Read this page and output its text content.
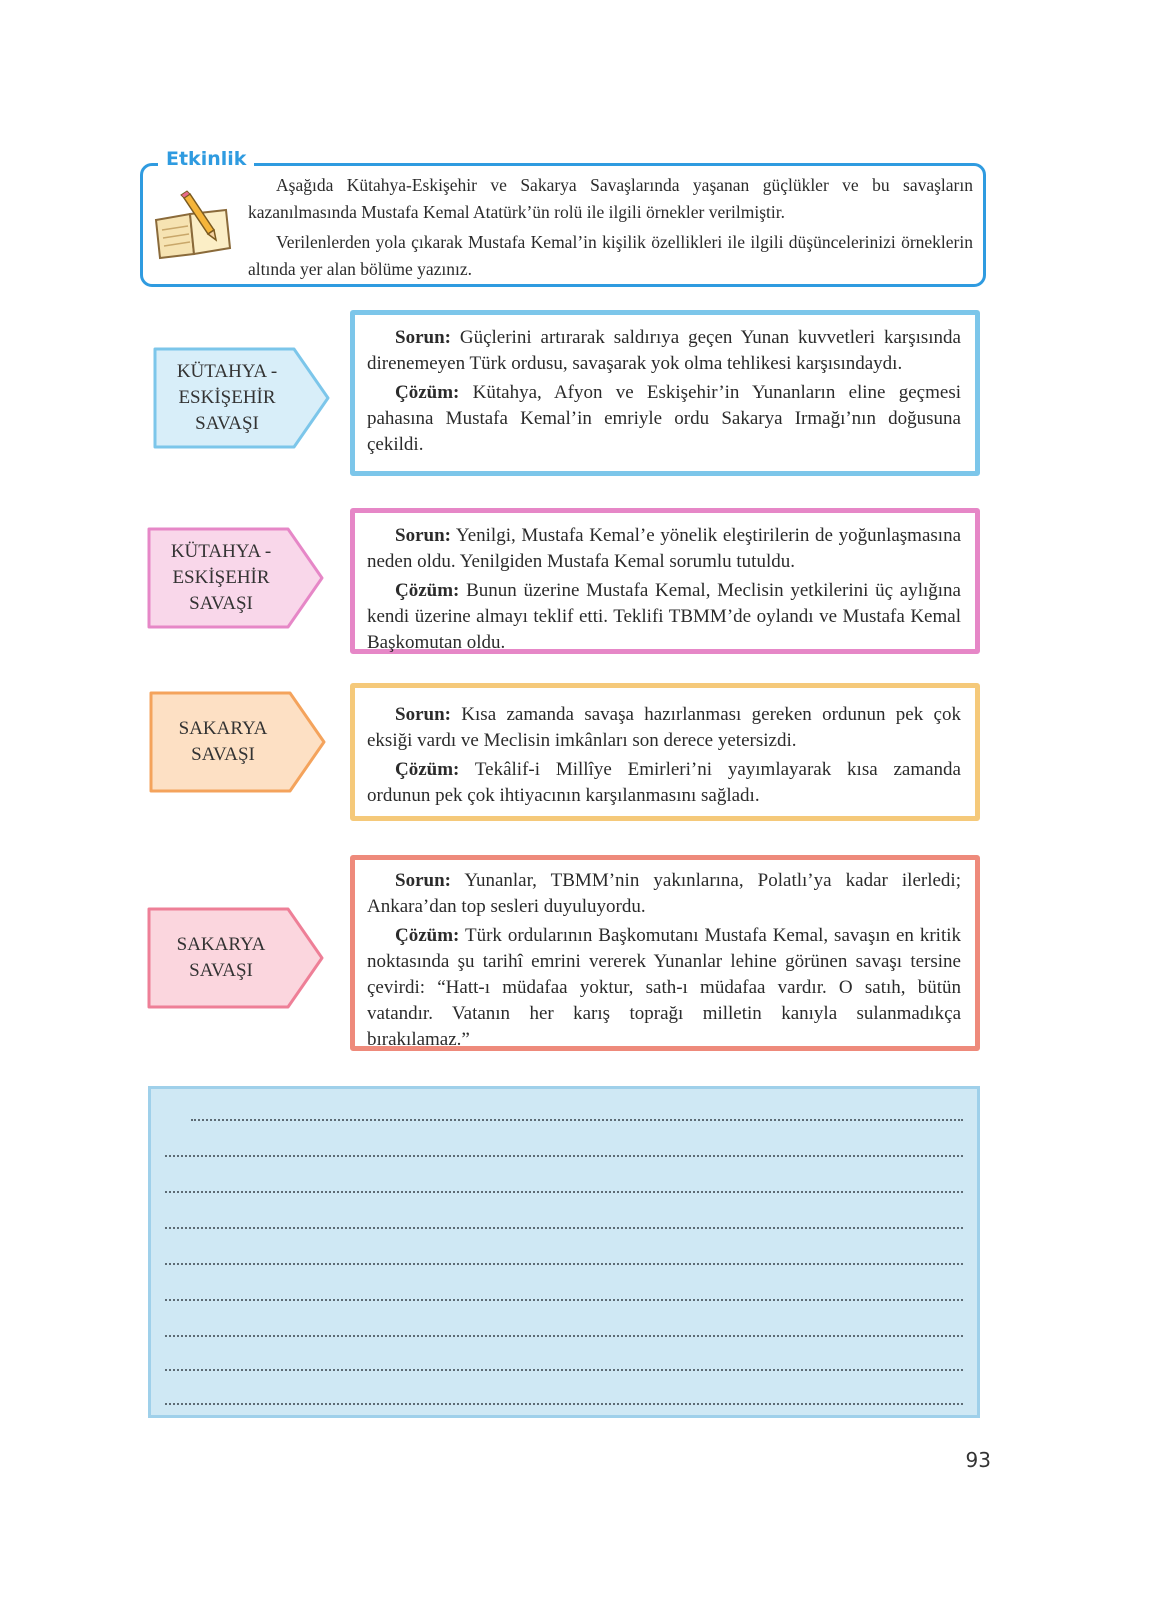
Etkinlik

Aşağıda Kütahya-Eskişehir ve Sakarya Savaşlarında yaşanan güçlükler ve bu savaşların kazanılmasında Mustafa Kemal Atatürk’ün rolü ile ilgili örnekler verilmiştir.

Verilenlerden yola çıkarak Mustafa Kemal’in kişilik özellikleri ile ilgili düşüncelerinizi örneklerin altında yer alan bölüme yazınız.

KÜTAHYA - ESKİŞEHİR SAVAŞI

Sorun: Güçlerini artırarak saldırıya geçen Yunan kuvvetleri karşısında direnemeyen Türk ordusu, savaşarak yok olma tehlikesi karşısındaydı.

Çözüm: Kütahya, Afyon ve Eskişehir’in Yunanların eline geçmesi pahasına Mustafa Kemal’in emriyle ordu Sakarya Irmağı’nın doğusuna çekildi.

KÜTAHYA - ESKİŞEHİR SAVAŞI

Sorun: Yenilgi, Mustafa Kemal’e yönelik eleştirilerin de yoğunlaşmasına neden oldu. Yenilgiden Mustafa Kemal sorumlu tutuldu.

Çözüm: Bunun üzerine Mustafa Kemal, Meclisin yetkilerini üç aylığına kendi üzerine almayı teklif etti. Teklifi TBMM’de oylandı ve Mustafa Kemal Başkomutan oldu.

SAKARYA SAVAŞI

Sorun: Kısa zamanda savaşa hazırlanması gereken ordunun pek çok eksiği vardı ve Meclisin imkânları son derece yetersizdi.

Çözüm: Tekâlif-i Millîye Emirleri’ni yayımlayarak kısa zamanda ordunun pek çok ihtiyacının karşılanmasını sağladı.

SAKARYA SAVAŞI

Sorun: Yunanlar, TBMM’nin yakınlarına, Polatlı’ya kadar ilerledi; Ankara’dan top sesleri duyuluyordu.

Çözüm: Türk ordularının Başkomutanı Mustafa Kemal, savaşın en kritik noktasında şu tarihî emrini vererek Yunanlar lehine görünen savaşı tersine çevirdi: “Hatt-ı müdafaa yoktur, sath-ı müdafaa vardır. O satıh, bütün vatandır. Vatanın her karış toprağı milletin kanıyla sulanmadıkça bırakılamaz.”

93
